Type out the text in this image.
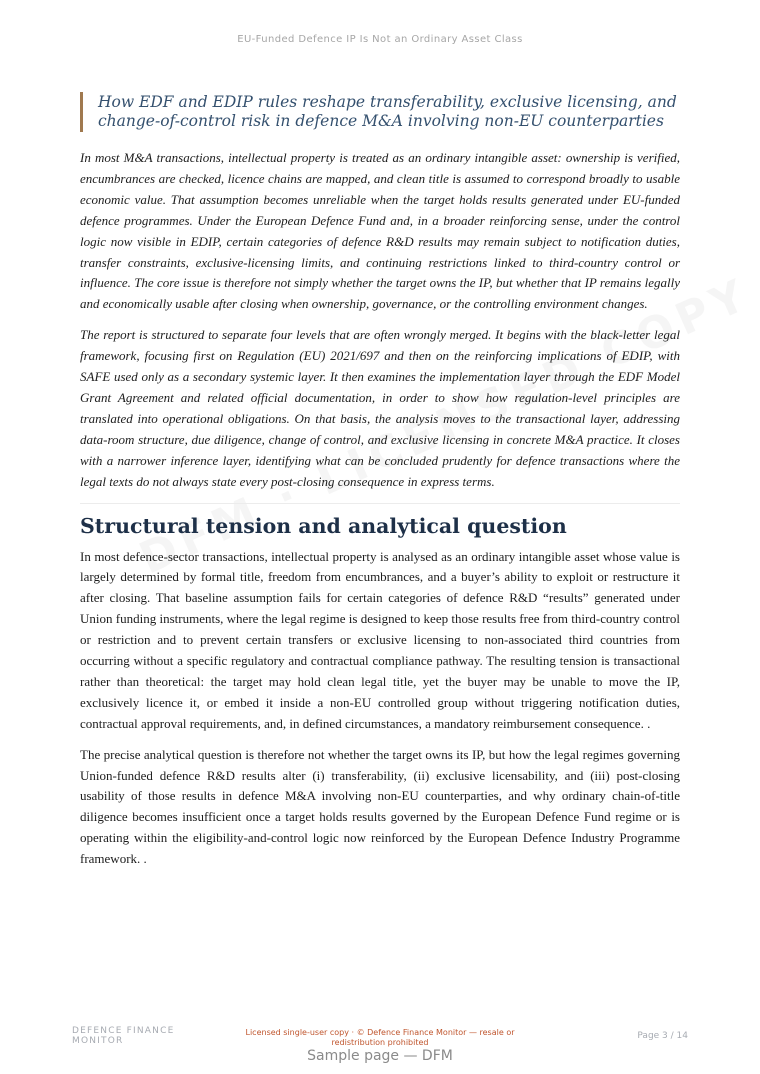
EU-Funded Defence IP Is Not an Ordinary Asset Class
How EDF and EDIP rules reshape transferability, exclusive licensing, and change-of-control risk in defence M&A involving non-EU counterparties

In most M&A transactions, intellectual property is treated as an ordinary intangible asset: ownership is verified, encumbrances are checked, licence chains are mapped, and clean title is assumed to correspond broadly to usable economic value. That assumption becomes unreliable when the target holds results generated under EU-funded defence programmes. Under the European Defence Fund and, in a broader reinforcing sense, under the control logic now visible in EDIP, certain categories of defence R&D results may remain subject to notification duties, transfer constraints, exclusive-licensing limits, and continuing restrictions linked to third-country control or influence. The core issue is therefore not simply whether the target owns the IP, but whether that IP remains legally and economically usable after closing when ownership, governance, or the controlling environment changes.

The report is structured to separate four levels that are often wrongly merged. It begins with the black-letter legal framework, focusing first on Regulation (EU) 2021/697 and then on the reinforcing implications of EDIP, with SAFE used only as a secondary systemic layer. It then examines the implementation layer through the EDF Model Grant Agreement and related official documentation, in order to show how regulation-level principles are translated into operational obligations. On that basis, the analysis moves to the transactional layer, addressing data-room structure, due diligence, change of control, and exclusive licensing in concrete M&A practice. It closes with a narrower inference layer, identifying what can be concluded prudently for defence transactions where the legal texts do not always state every post-closing consequence in express terms.

Structural tension and analytical question

In most defence-sector transactions, intellectual property is analysed as an ordinary intangible asset whose value is largely determined by formal title, freedom from encumbrances, and a buyer’s ability to exploit or restructure it after closing. That baseline assumption fails for certain categories of defence R&D “results” generated under Union funding instruments, where the legal regime is designed to keep those results free from third-country control or restriction and to prevent certain transfers or exclusive licensing to non-associated third countries from occurring without a specific regulatory and contractual compliance pathway. The resulting tension is transactional rather than theoretical: the target may hold clean legal title, yet the buyer may be unable to move the IP, exclusively licence it, or embed it inside a non-EU controlled group without triggering notification duties, contractual approval requirements, and, in defined circumstances, a mandatory reimbursement consequence. .

The precise analytical question is therefore not whether the target owns its IP, but how the legal regimes governing Union-funded defence R&D results alter (i) transferability, (ii) exclusive licensability, and (iii) post-closing usability of those results in defence M&A involving non-EU counterparties, and why ordinary chain-of-title diligence becomes insufficient once a target holds results governed by the European Defence Fund regime or is operating within the eligibility-and-control logic now reinforced by the European Defence Industry Programme framework. .

DEFENCE FINANCE
MONITOR
Licensed single-user copy · © Defence Finance Monitor — resale or redistribution prohibited
Page 3 / 14
Sample page — DFM
